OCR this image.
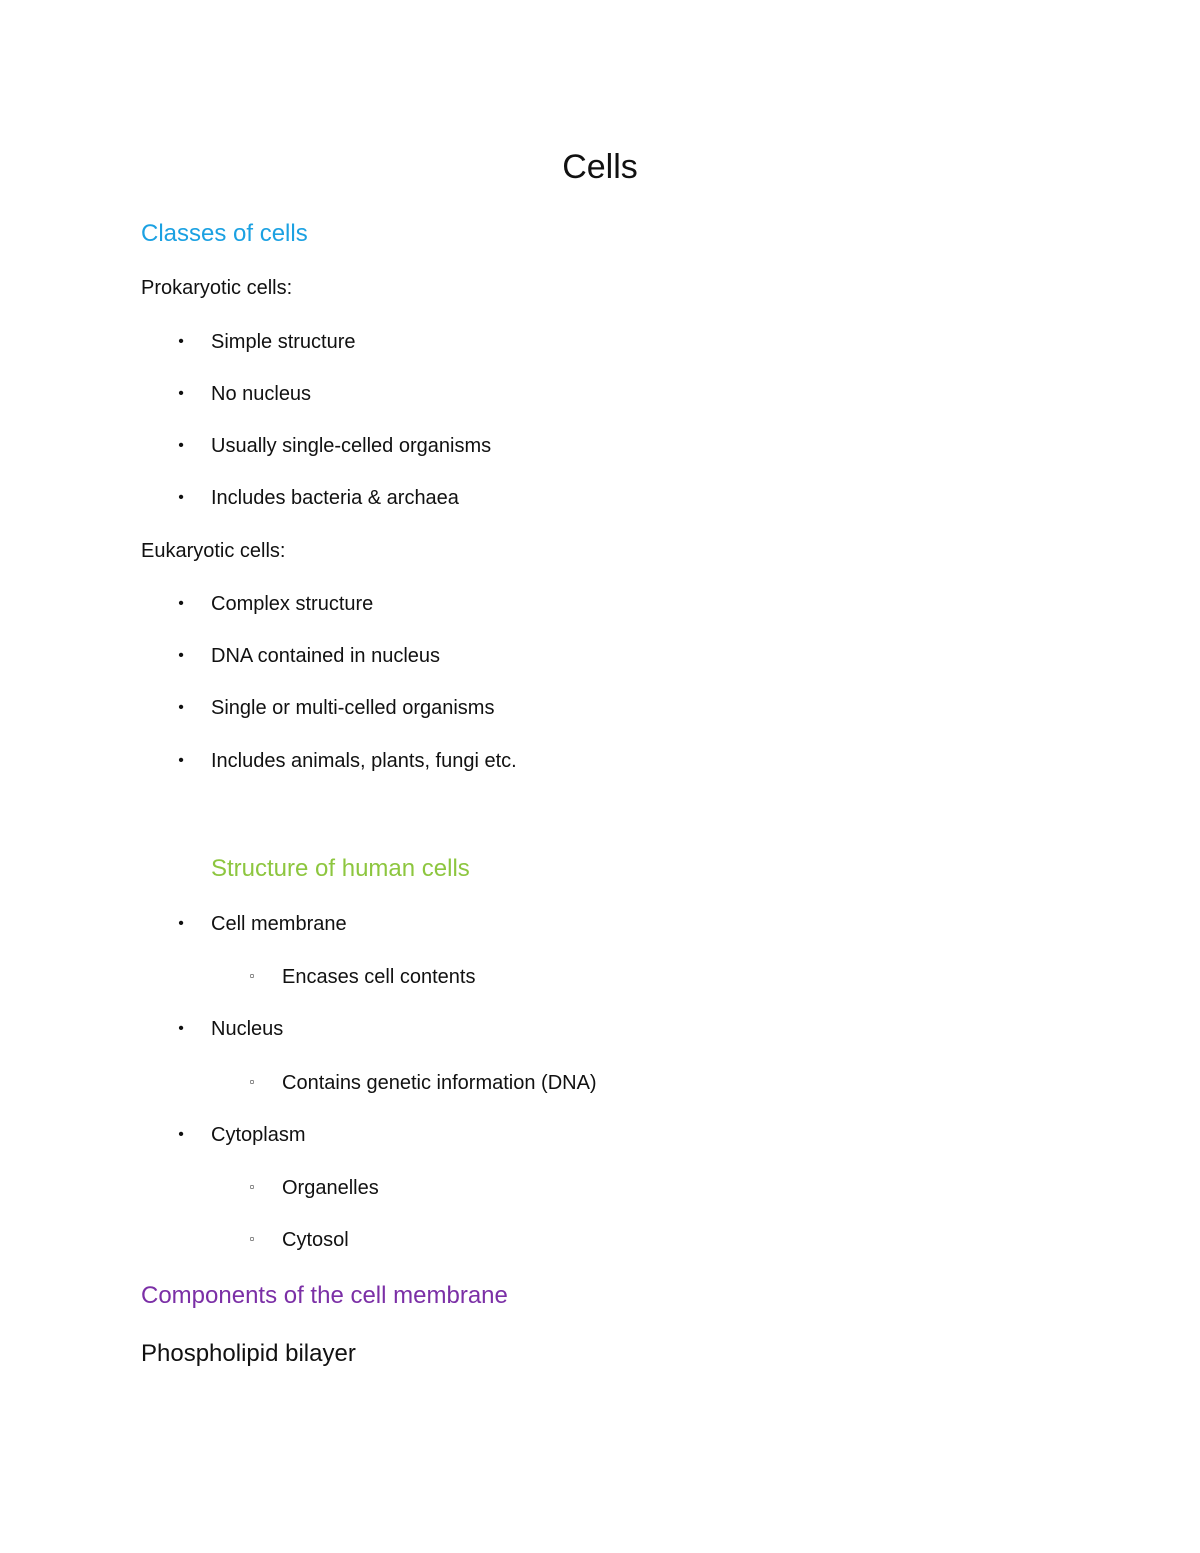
Cells
Classes of cells
Prokaryotic cells:
• Simple structure
• No nucleus
• Usually single-celled organisms
• Includes bacteria & archaea
Eukaryotic cells:
• Complex structure
• DNA contained in nucleus
• Single or multi-celled organisms
• Includes animals, plants, fungi etc.
Structure of human cells
• Cell membrane
▫ Encases cell contents
• Nucleus
▫ Contains genetic information (DNA)
• Cytoplasm
▫ Organelles
▫ Cytosol
Components of the cell membrane
Phospholipid bilayer
